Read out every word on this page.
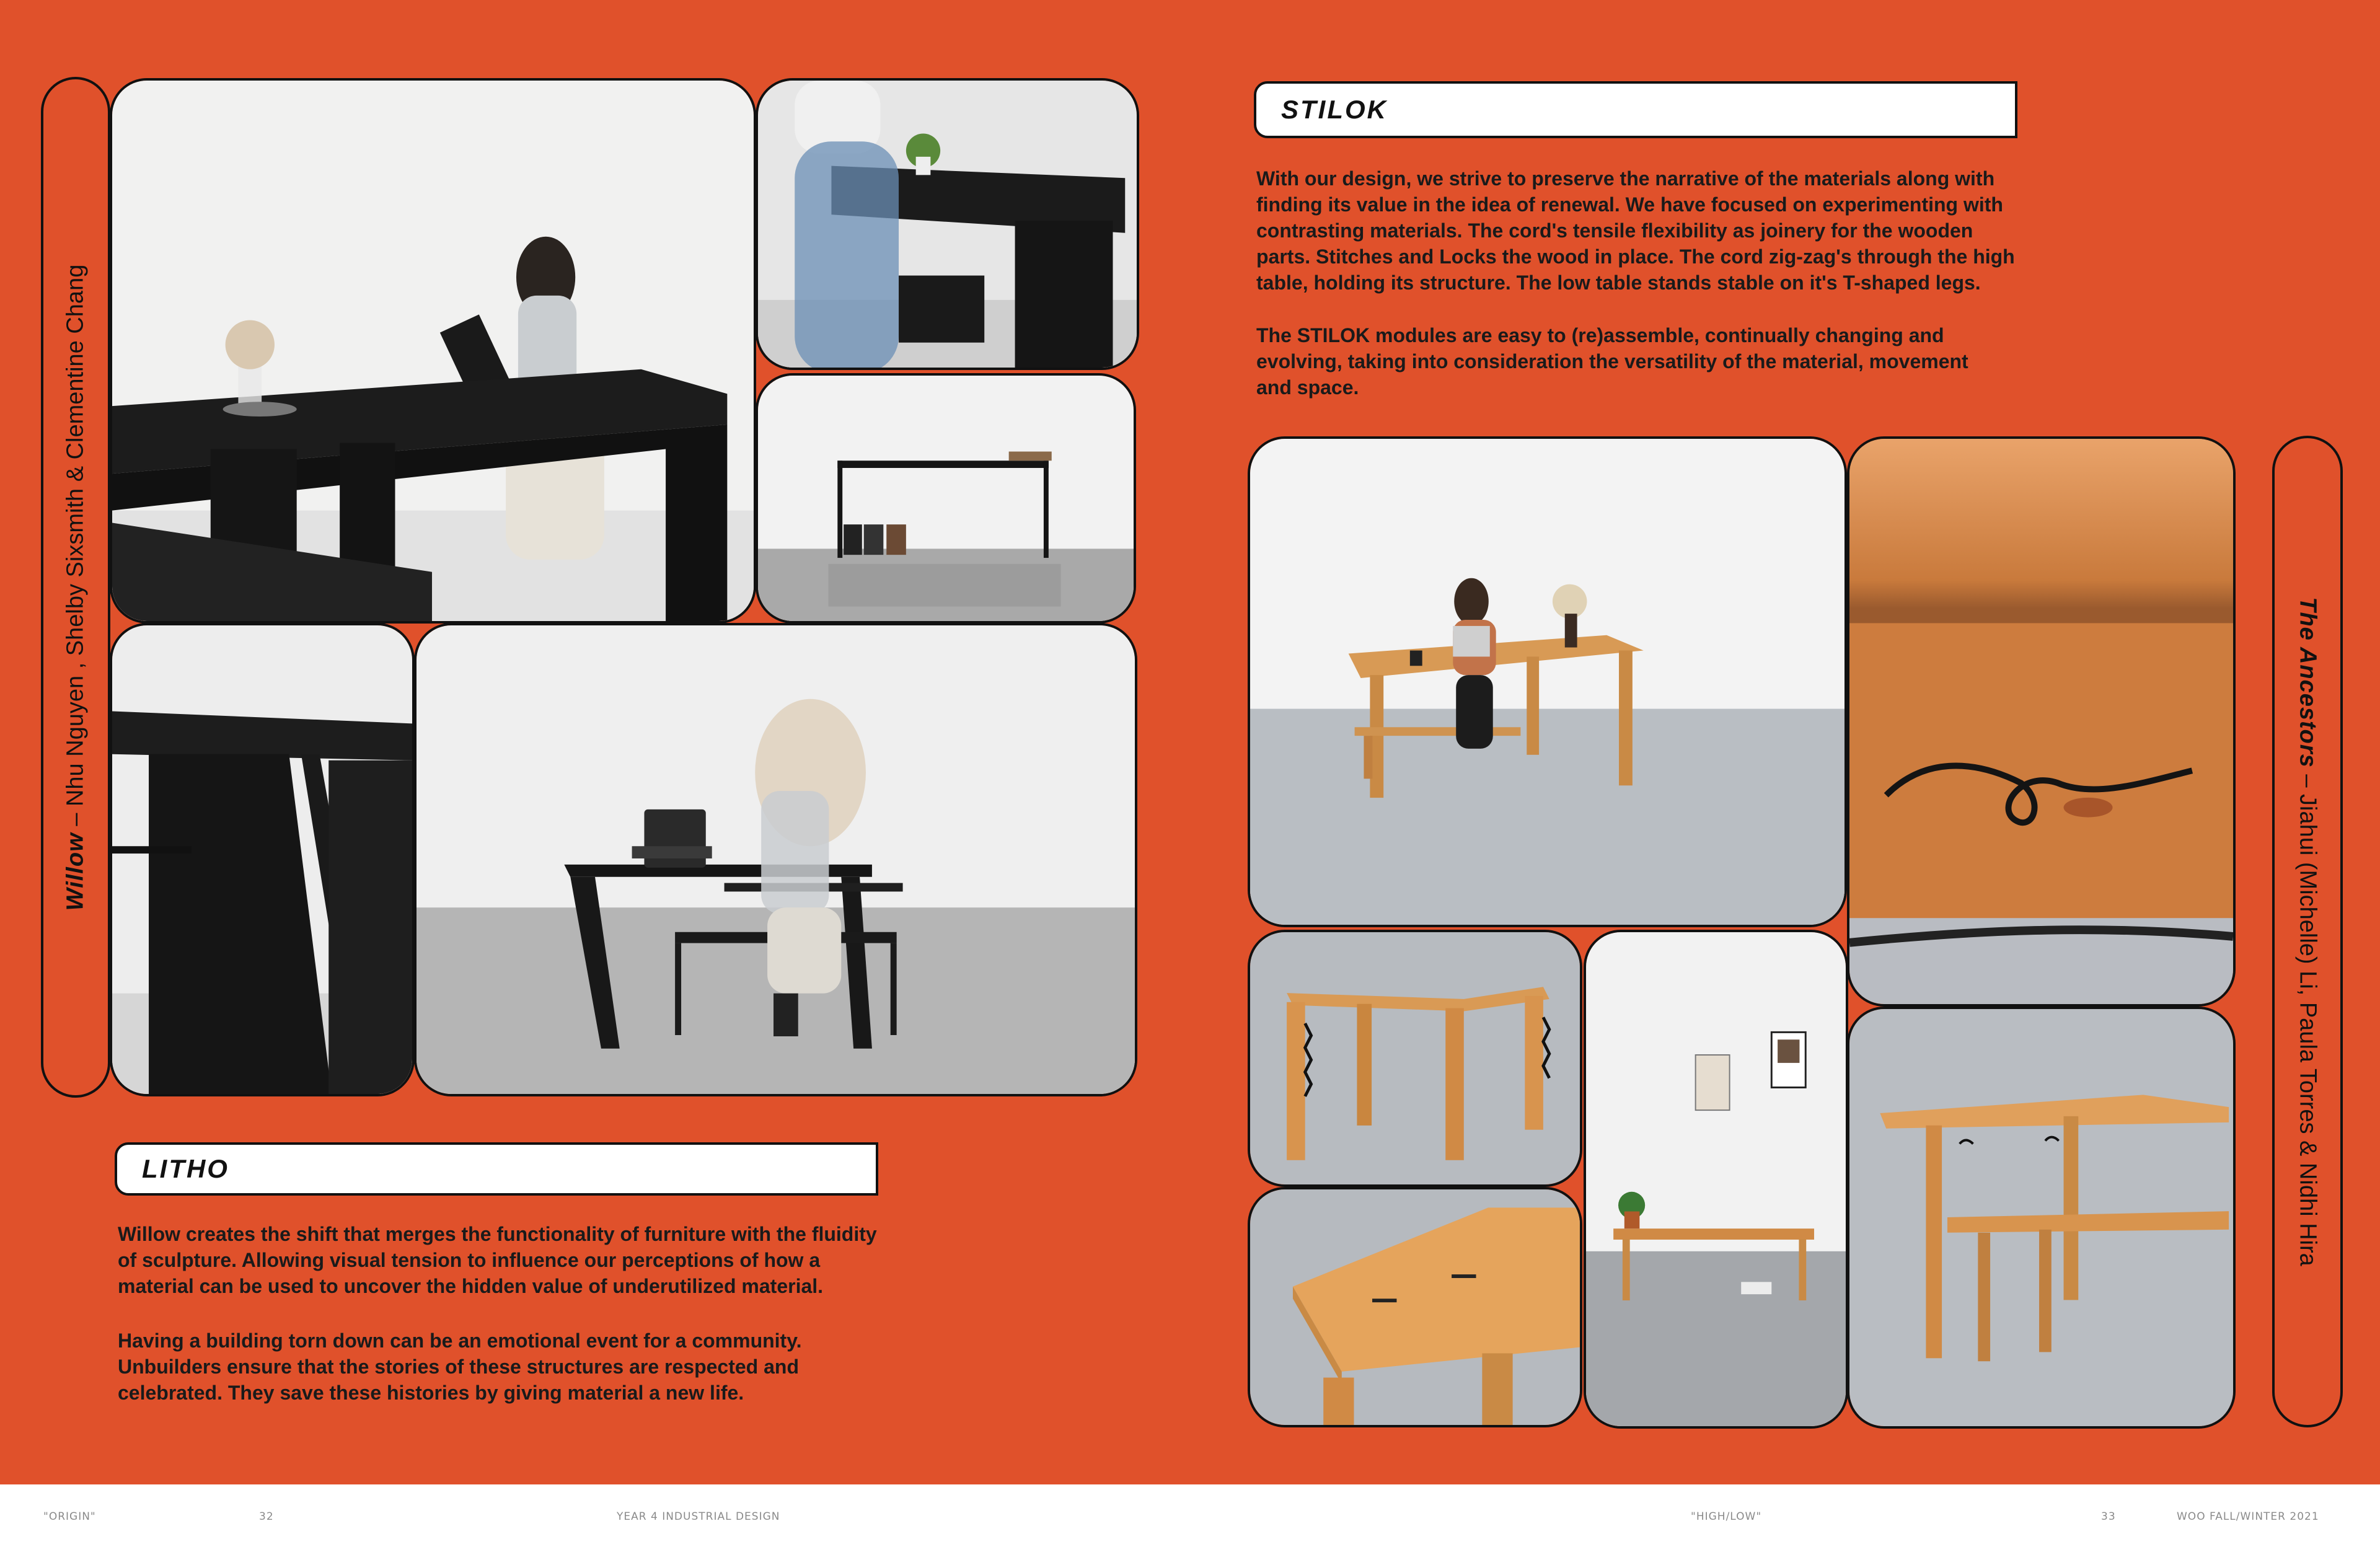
Willow – Nhu Nguyen , Shelby Sixsmith & Clementine Chang
LITHO

Willow creates the shift that merges the functionality of furniture with the fluidity of sculpture. Allowing visual tension to influence our perceptions of how a material can be used to uncover the hidden value of underutilized material.

Having a building torn down can be an emotional event for a community. Unbuilders ensure that the stories of these structures are respected and celebrated. They save these histories by giving material a new life.

STILOK

With our design, we strive to preserve the narrative of the materials along with finding its value in the idea of renewal. We have focused on experimenting with contrasting materials. The cord's tensile flexibility as joinery for the wooden parts. Stitches and Locks the wood in place. The cord zig-zag's through the high table, holding its structure. The low table stands stable on it's T-shaped legs.

The STILOK modules are easy to (re)assemble, continually changing and evolving, taking into consideration the versatility of the material, movement and space.

The Ancestors – Jiahui (Michelle) Li, Paula Torres & Nidhi Hira
"ORIGIN"	32	YEAR 4 INDUSTRIAL DESIGN	"HIGH/LOW"	33	WOO FALL/WINTER 2021
